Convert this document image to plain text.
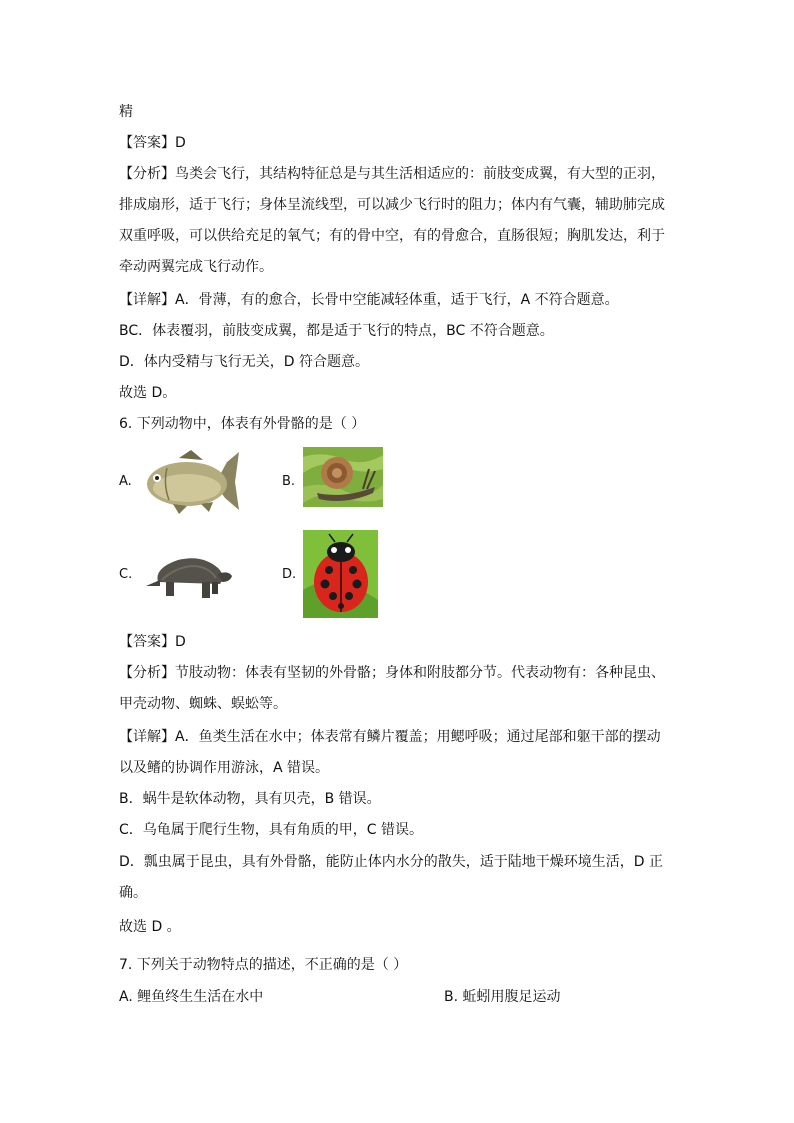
精
【答案】D
【分析】鸟类会飞行，其结构特征总是与其生活相适应的：前肢变成翼，有大型的正羽，
排成扇形，适于飞行；身体呈流线型，可以减少飞行时的阻力；体内有气囊，辅助肺完成
双重呼吸，可以供给充足的氧气；有的骨中空，有的骨愈合，直肠很短；胸肌发达，利于
牵动两翼完成飞行动作。
【详解】A．骨薄，有的愈合，长骨中空能减轻体重，适于飞行，A 不符合题意。
BC．体表覆羽，前肢变成翼，都是适于飞行的特点，BC 不符合题意。
D．体内受精与飞行无关，D 符合题意。
故选 D。
6. 下列动物中，体表有外骨骼的是（ ）
A.	B.
C.	D.
【答案】D
【分析】节肢动物：体表有坚韧的外骨骼；身体和附肢都分节。代表动物有：各种昆虫、
甲壳动物、蜘蛛、蜈蚣等。
【详解】A．鱼类生活在水中；体表常有鳞片覆盖；用鳃呼吸；通过尾部和躯干部的摆动
以及鳍的协调作用游泳，A 错误。
B．蜗牛是软体动物，具有贝壳，B 错误。
C．乌龟属于爬行生物，具有角质的甲，C 错误。
D．瓢虫属于昆虫，具有外骨骼，能防止体内水分的散失，适于陆地干燥环境生活，D 正
确。
故选 D 。
7. 下列关于动物特点的描述，不正确的是（ ）
A. 鲤鱼终生生活在水中	B. 蚯蚓用腹足运动
